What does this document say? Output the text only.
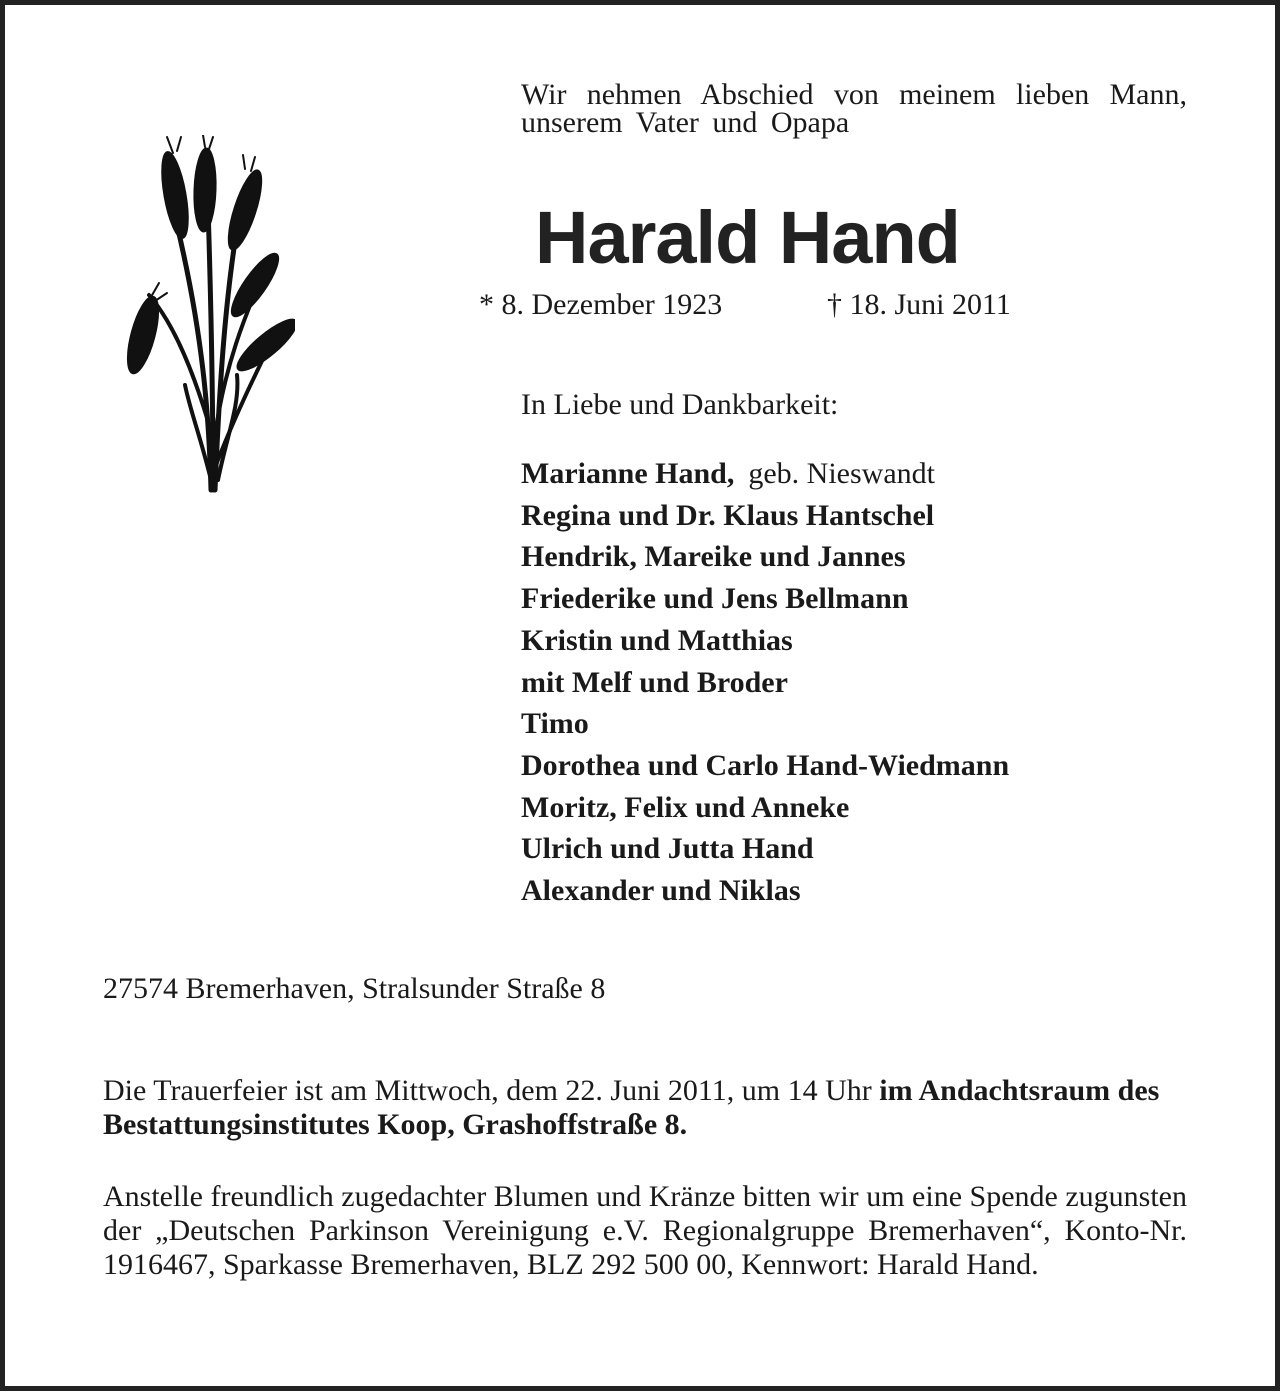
Wir nehmen Abschied von meinem lieben Mann, unserem Vater und Opapa
Harald Hand
* 8. Dezember 1923	† 18. Juni 2011
In Liebe und Dankbarkeit:
Marianne Hand, geb. Nieswandt
Regina und Dr. Klaus Hantschel
Hendrik, Mareike und Jannes
Friederike und Jens Bellmann
Kristin und Matthias
mit Melf und Broder
Timo
Dorothea und Carlo Hand-Wiedmann
Moritz, Felix und Anneke
Ulrich und Jutta Hand
Alexander und Niklas
27574 Bremerhaven, Stralsunder Straße 8
Die Trauerfeier ist am Mittwoch, dem 22. Juni 2011, um 14 Uhr im Andachtsraum des Bestattungsinstitutes Koop, Grashoffstraße 8.
Anstelle freundlich zugedachter Blumen und Kränze bitten wir um eine Spende zugunsten der „Deutschen Parkinson Vereinigung e.V. Regionalgruppe Bremerhaven“, Konto-Nr. 1916467, Sparkasse Bremerhaven, BLZ 292 500 00, Kennwort: Harald Hand.
